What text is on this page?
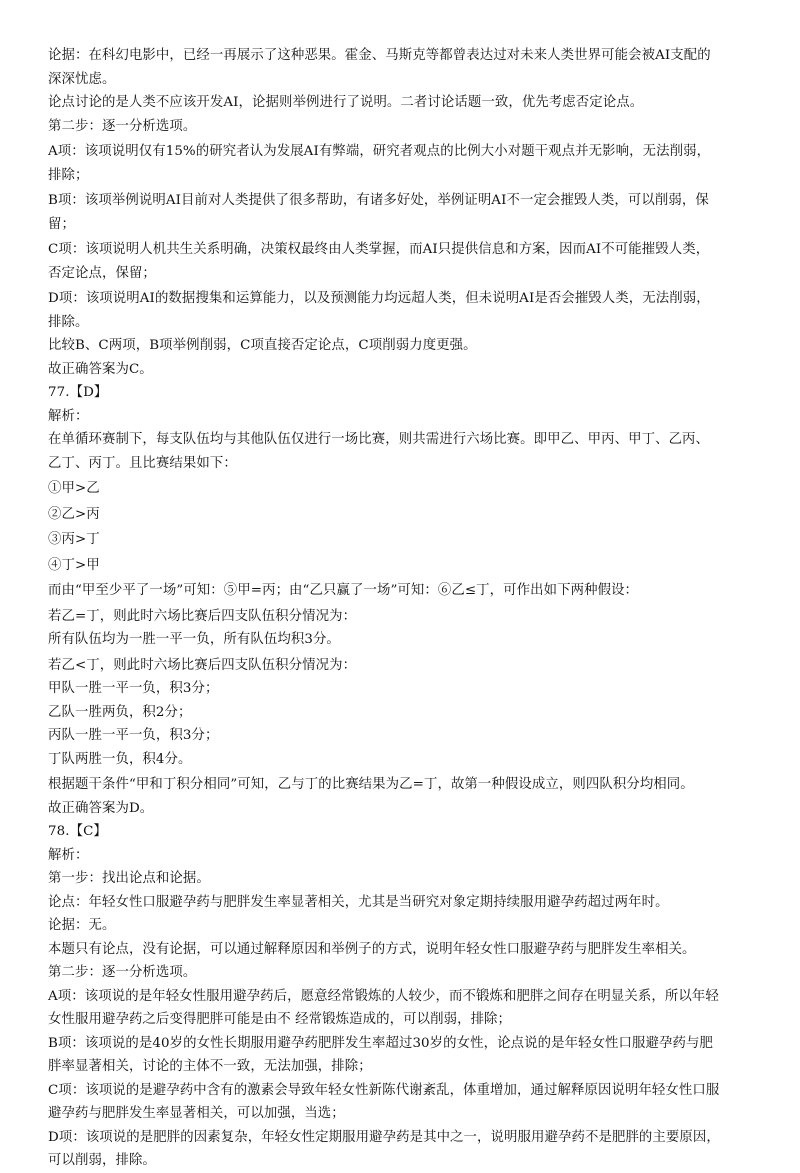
论据：在科幻电影中，已经一再展示了这种恶果。霍金、马斯克等都曾表达过对未来人类世界可能会被AI支配的
深深忧虑。
论点讨论的是人类不应该开发AI，论据则举例进行了说明。二者讨论话题一致，优先考虑否定论点。
第二步：逐一分析选项。
A项：该项说明仅有15%的研究者认为发展AI有弊端，研究者观点的比例大小对题干观点并无影响，无法削弱，
排除；
B项：该项举例说明AI目前对人类提供了很多帮助，有诸多好处，举例证明AI不一定会摧毁人类，可以削弱，保
留；
C项：该项说明人机共生关系明确，决策权最终由人类掌握，而AI只提供信息和方案，因而AI不可能摧毁人类，
否定论点，保留；
D项：该项说明AI的数据搜集和运算能力，以及预测能力均远超人类，但未说明AI是否会摧毁人类，无法削弱，
排除。
比较B、C两项，B项举例削弱，C项直接否定论点，C项削弱力度更强。
故正确答案为C。
77.【D】
解析：
在单循环赛制下，每支队伍均与其他队伍仅进行一场比赛，则共需进行六场比赛。即甲乙、甲丙、甲丁、乙丙、
乙丁、丙丁。且比赛结果如下：
①甲>乙
②乙>丙
③丙>丁
④丁>甲
而由“甲至少平了一场”可知：⑤甲=丙；由“乙只赢了一场”可知：⑥乙≤丁，可作出如下两种假设：
若乙=丁，则此时六场比赛后四支队伍积分情况为：
所有队伍均为一胜一平一负，所有队伍均积3分。
若乙<丁，则此时六场比赛后四支队伍积分情况为：
甲队一胜一平一负，积3分；
乙队一胜两负，积2分；
丙队一胜一平一负，积3分；
丁队两胜一负，积4分。
根据题干条件“甲和丁积分相同”可知，乙与丁的比赛结果为乙=丁，故第一种假设成立，则四队积分均相同。
故正确答案为D。
78.【C】
解析：
第一步：找出论点和论据。
论点：年轻女性口服避孕药与肥胖发生率显著相关，尤其是当研究对象定期持续服用避孕药超过两年时。
论据：无。
本题只有论点，没有论据，可以通过解释原因和举例子的方式，说明年轻女性口服避孕药与肥胖发生率相关。
第二步：逐一分析选项。
A项：该项说的是年轻女性服用避孕药后，愿意经常锻炼的人较少，而不锻炼和肥胖之间存在明显关系，所以年轻
女性服用避孕药之后变得肥胖可能是由不 经常锻炼造成的，可以削弱，排除；
B项：该项说的是40岁的女性长期服用避孕药肥胖发生率超过30岁的女性，论点说的是年轻女性口服避孕药与肥
胖率显著相关，讨论的主体不一致，无法加强，排除；
C项：该项说的是避孕药中含有的激素会导致年轻女性新陈代谢紊乱，体重增加，通过解释原因说明年轻女性口服
避孕药与肥胖发生率显著相关，可以加强，当选；
D项：该项说的是肥胖的因素复杂，年轻女性定期服用避孕药是其中之一，说明服用避孕药不是肥胖的主要原因，
可以削弱，排除。
